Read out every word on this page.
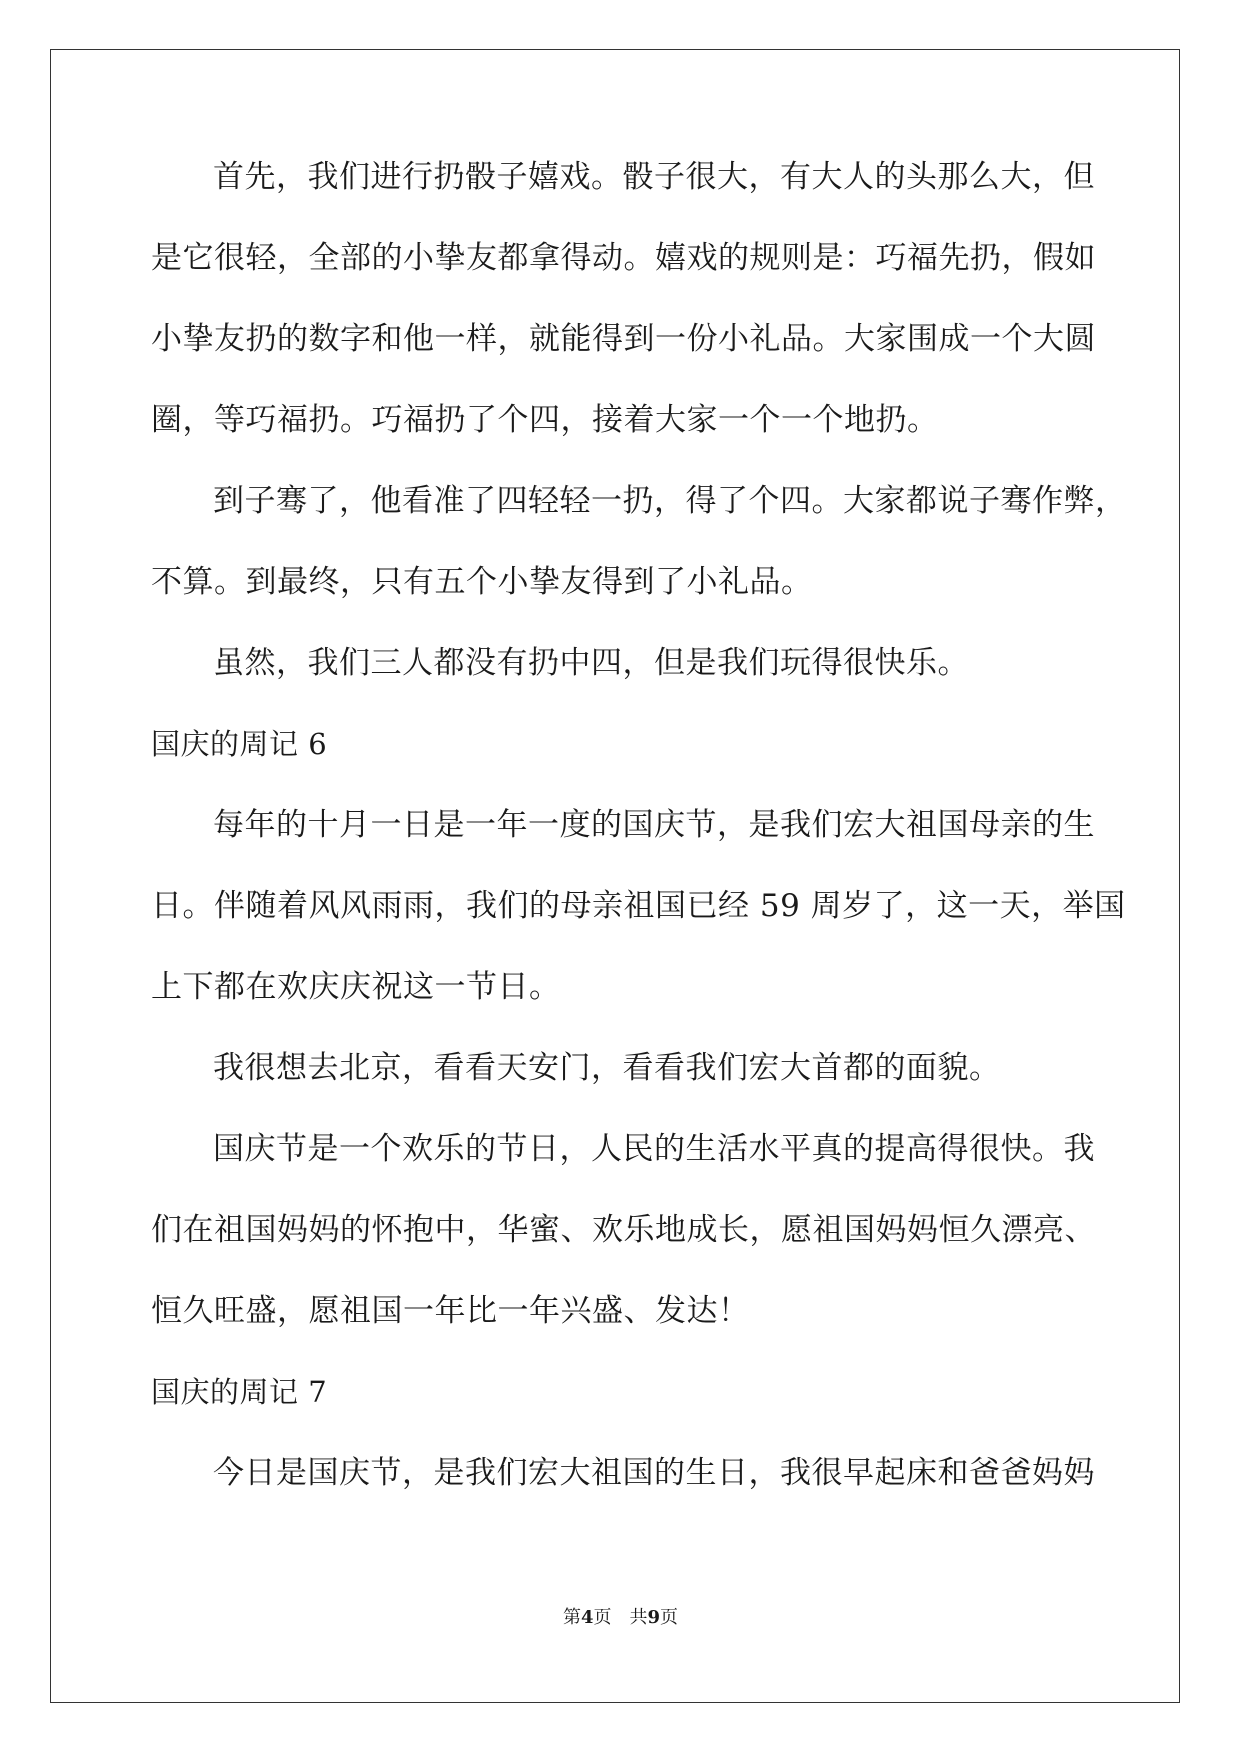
首先，我们进行扔骰子嬉戏。骰子很大，有大人的头那么大，但
是它很轻，全部的小挚友都拿得动。嬉戏的规则是：巧福先扔，假如
小挚友扔的数字和他一样，就能得到一份小礼品。大家围成一个大圆
圈，等巧福扔。巧福扔了个四，接着大家一个一个地扔。
到子骞了，他看准了四轻轻一扔，得了个四。大家都说子骞作弊，
不算。到最终，只有五个小挚友得到了小礼品。
虽然，我们三人都没有扔中四，但是我们玩得很快乐。
国庆的周记 6
每年的十月一日是一年一度的国庆节，是我们宏大祖国母亲的生
日。伴随着风风雨雨，我们的母亲祖国已经 59 周岁了，这一天，举国
上下都在欢庆庆祝这一节日。
我很想去北京，看看天安门，看看我们宏大首都的面貌。
国庆节是一个欢乐的节日，人民的生活水平真的提高得很快。我
们在祖国妈妈的怀抱中，华蜜、欢乐地成长，愿祖国妈妈恒久漂亮、
恒久旺盛，愿祖国一年比一年兴盛、发达！
国庆的周记 7
今日是国庆节，是我们宏大祖国的生日，我很早起床和爸爸妈妈
第4页 共9页
